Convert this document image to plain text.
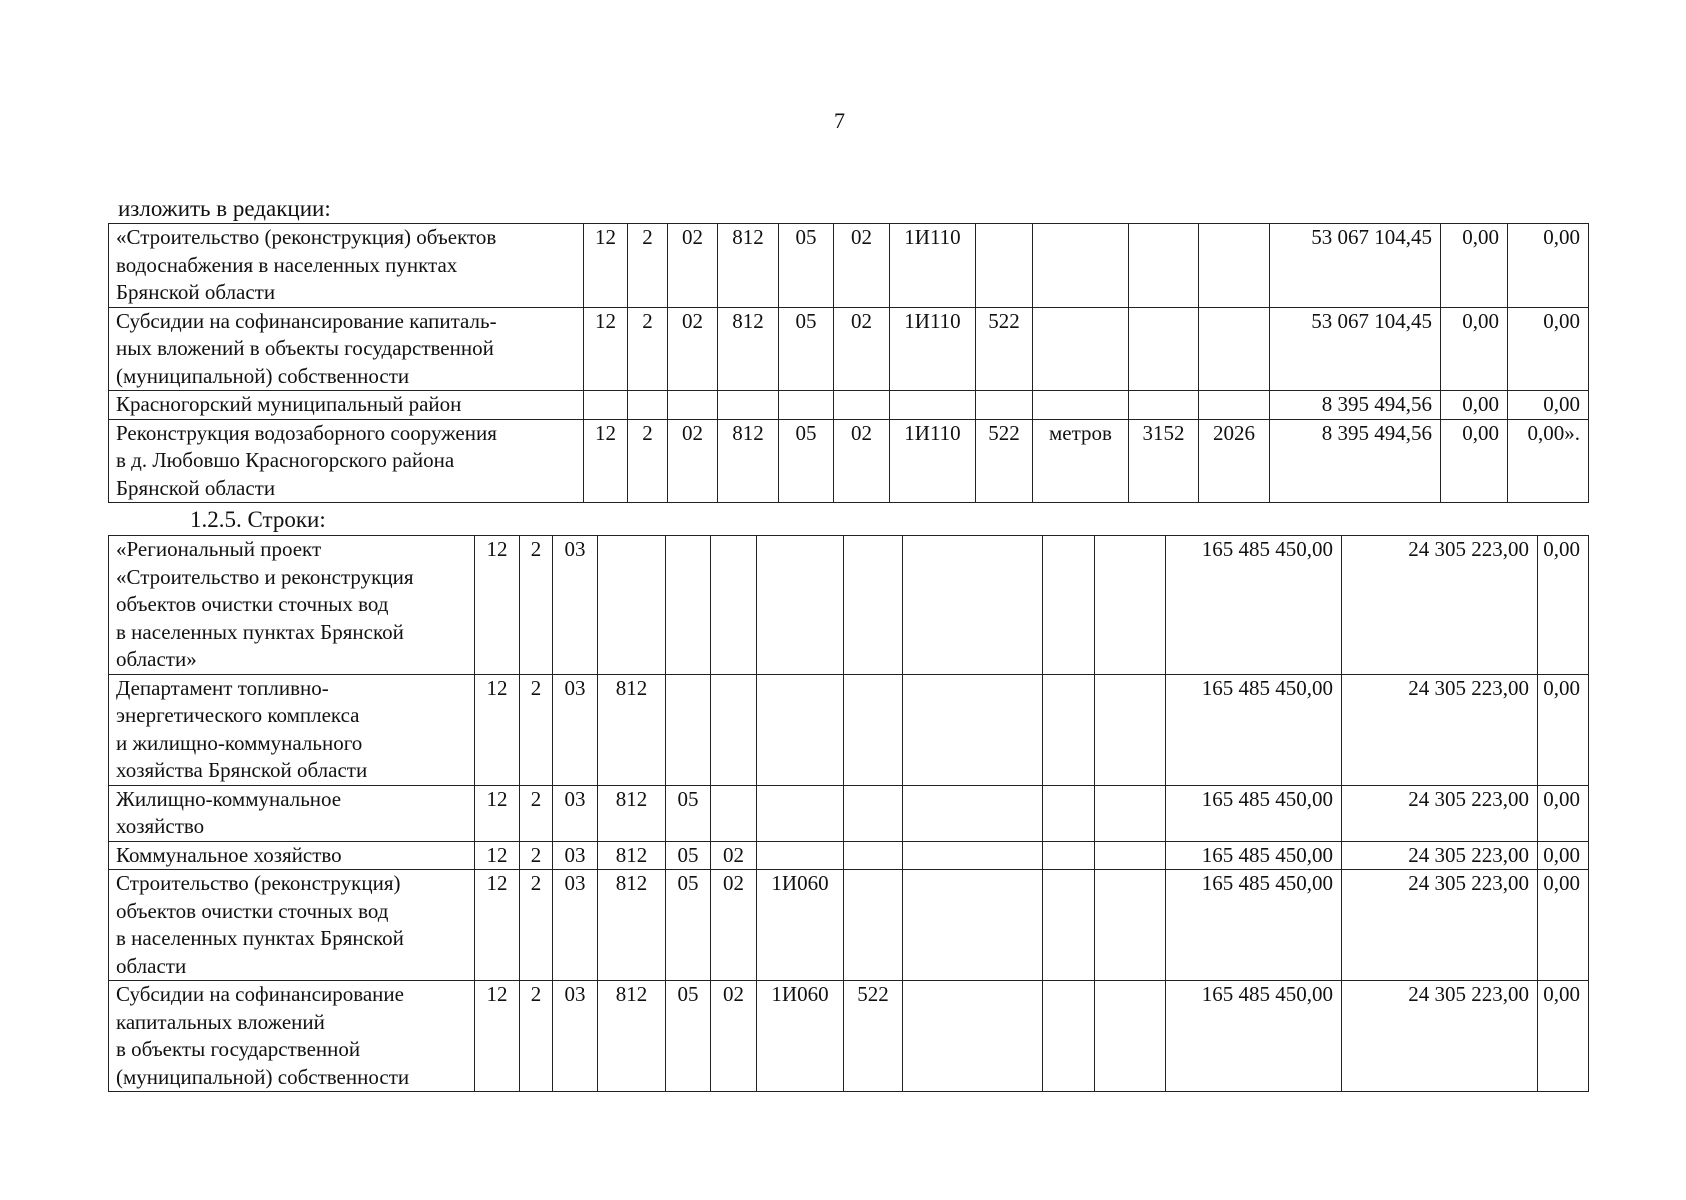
7
изложить в редакции:
1.2.5. Строки:
«Строительство (реконструкция) объектов
водоснабжения в населенных пунктах
Брянской области	12	2	02	812	05	02	1И110					53 067 104,45	0,00	0,00

Субсидии на софинансирование капиталь-
ных вложений в объекты государственной
(муниципальной) собственности	12	2	02	812	05	02	1И110	522				53 067 104,45	0,00	0,00

Красногорский муниципальный район												8 395 494,56	0,00	0,00

Реконструкция водозаборного сооружения
в д. Любовшо Красногорского района
Брянской области	12	2	02	812	05	02	1И110	522	метров	3152	2026	8 395 494,56	0,00	0,00».
«Региональный проект
«Строительство и реконструкция
объектов очистки сточных вод
в населенных пунктах Брянской
области»	12	2	03									165 485 450,00	24 305 223,00	0,00

Департамент топливно-
энергетического комплекса
и жилищно-коммунального
хозяйства Брянской области	12	2	03	812								165 485 450,00	24 305 223,00	0,00

Жилищно-коммунальное
хозяйство	12	2	03	812	05							165 485 450,00	24 305 223,00	0,00

Коммунальное хозяйство	12	2	03	812	05	02						165 485 450,00	24 305 223,00	0,00

Строительство (реконструкция)
объектов очистки сточных вод
в населенных пунктах Брянской
области	12	2	03	812	05	02	1И060					165 485 450,00	24 305 223,00	0,00

Субсидии на софинансирование
капитальных вложений
в объекты государственной
(муниципальной) собственности	12	2	03	812	05	02	1И060	522				165 485 450,00	24 305 223,00	0,00
